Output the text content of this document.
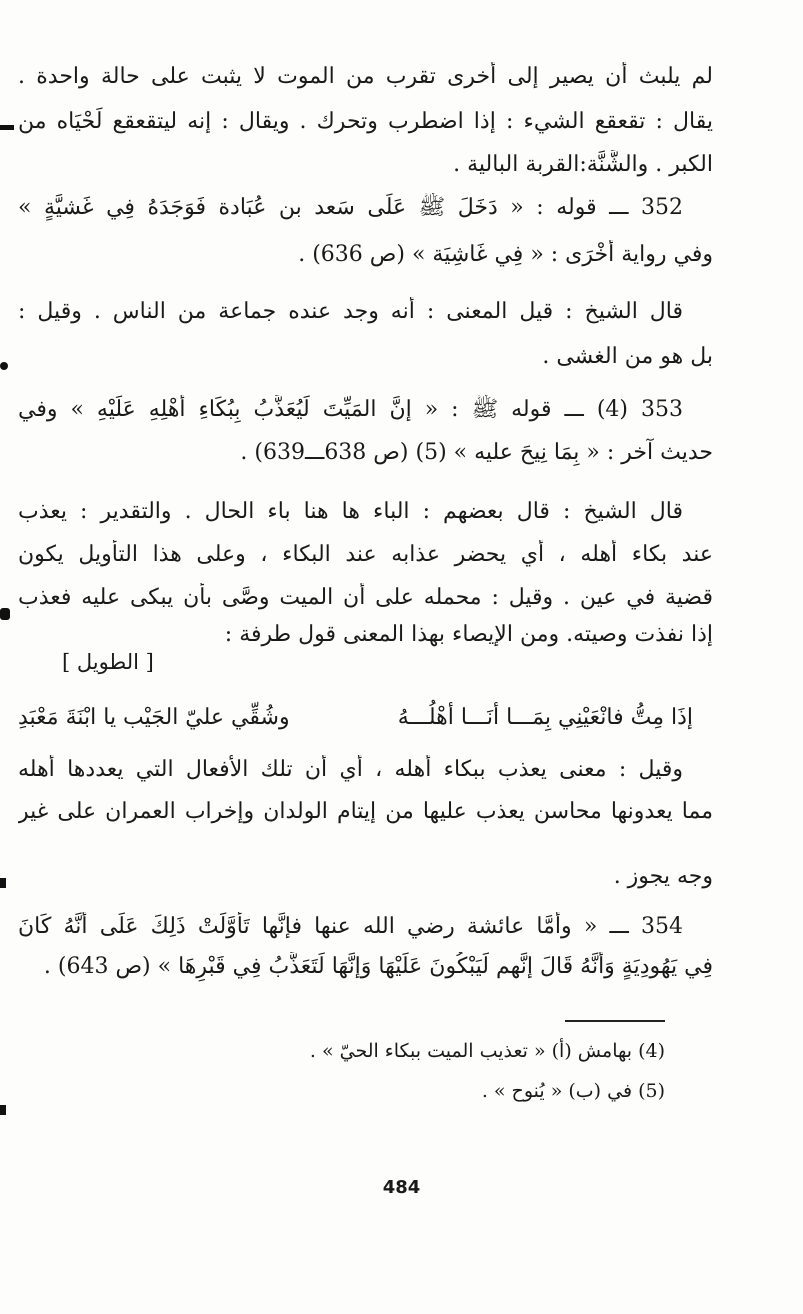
لم يلبث أن يصير إلى أخرى تقرب من الموت لا يثبت على حالة واحدة .
يقال : تقعقع الشيء : إذا اضطرب وتحرك . ويقال : إنه ليتقعقع لَحْيَاه من
الكبر . والشَّنَّة:القربة البالية .
352 ـــ قوله : « دَخَلَ ﷺ عَلَى سَعد بن عُبَادة فَوَجَدَهُ فِي غَشيَّةٍ »
وفي رواية أُخْرَى : « فِي غَاشِيَة » (ص 636) .
قال الشيخ : قيل المعنى : أنه وجد عنده جماعة من الناس . وقيل :
بل هو من الغشى .
353 (4) ـــ قوله ﷺ : « إنَّ المَيِّتَ لَيُعَذَّبُ بِبُكَاءِ أَهْلِهِ عَلَيْهِ » وفي
حديث آخر : « بِمَا نِيحَ عليه » (5) (ص 638ـــ639) .
قال الشيخ : قال بعضهم : الباء ها هنا باء الحال . والتقدير : يعذب
عند بكاء أهله ، أي يحضر عذابه عند البكاء ، وعلى هذا التأويل يكون
قضية في عين . وقيل : محمله على أن الميت وصَّى بأن يبكى عليه فعذب
إذا نفذت وصيته. ومن الإيصاء بهذا المعنى قول طرفة :
وقيل : معنى يعذب ببكاء أهله ، أي أن تلك الأفعال التي يعددها أهله
مما يعدونها محاسن يعذب عليها من إيتام الولدان وإخراب العمران على غير
وجه يجوز .
354 ـــ « وأمَّا عائشة رضي الله عنها فإنَّها تَأَوَّلَتْ ذَلِكَ عَلَى أَنَّهُ كَانَ
فِي يَهُودِيَةٍ وَأنَّهُ قَالَ إنَّهم لَيَبْكُونَ عَلَيْهَا وَإنَّهَا لَتَعَذَّبُ فِي قَبْرِهَا » (ص 643) .
[ الطويل ]
إذَا مِتُّ فانْعَيْنِي بِمَـــا أنَـــا أهْلُـــهُ
وشُقِّي عليّ الجَيْب يا ابْنَةَ مَعْبَدِ
(4) بهامش (أ) « تعذيب الميت ببكاء الحيّ » .
(5) في (ب) « يُنوح » .
484
